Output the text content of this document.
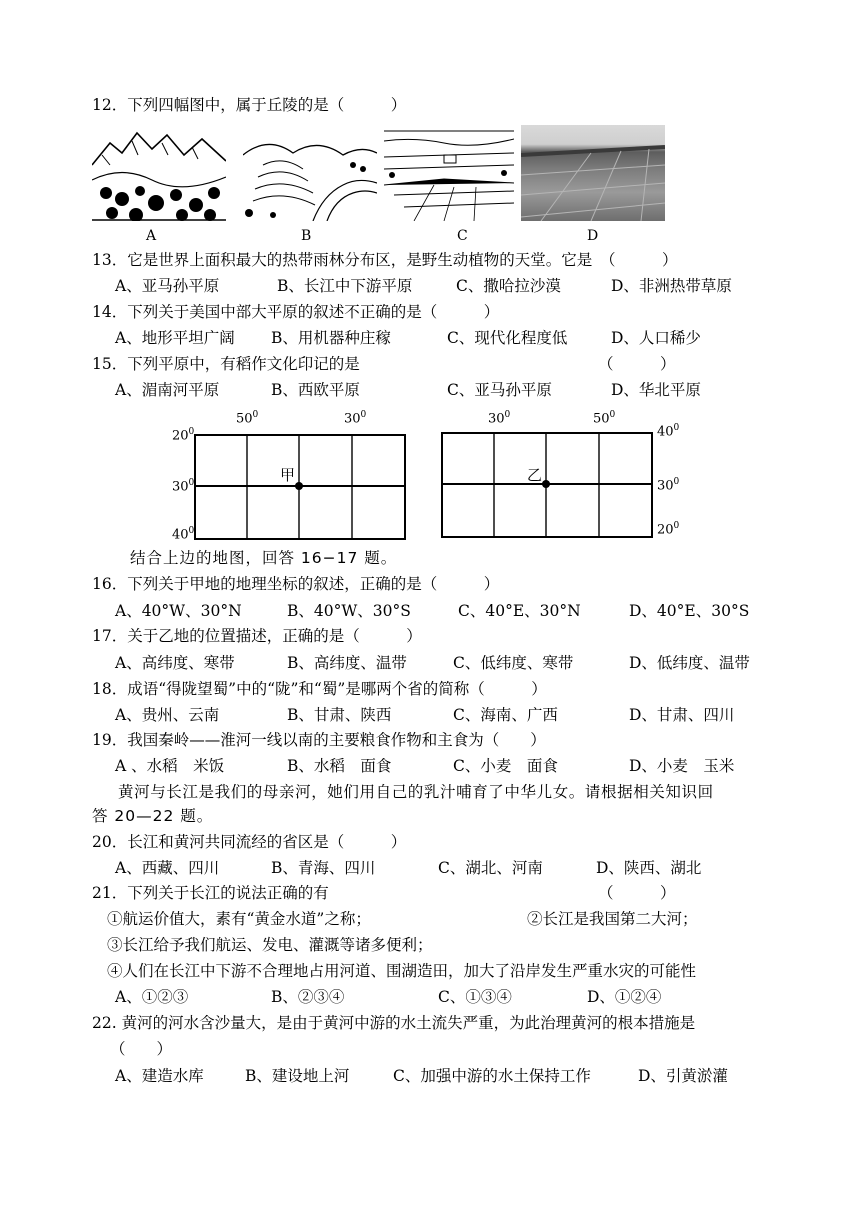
12．下列四幅图中，属于丘陵的是（　　　）
A	B	C	D
13．它是世界上面积最大的热带雨林分布区，是野生动植物的天堂。它是　（　　　）
A、亚马孙平原	B、长江中下游平原	C、撒哈拉沙漠	D、非洲热带草原
14．下列关于美国中部大平原的叙述不正确的是（　　　）
A、地形平坦广阔 B、用机器种庄稼	C、现代化程度低	D、人口稀少
15．下列平原中，有稻作文化印记的是	（　　　）
A、湄南河平原	B、西欧平原	C、亚马孙平原	D、华北平原
$50^0$	$30^0$
$20^0$
$30^0$
$40^0$
甲
$30^0$	$50^0$
$40^0$
$30^0$
$20^0$
乙
结合上边的地图，回答 16−17 题。
16．下列关于甲地的地理坐标的叙述，正确的是（　　　）
A、40°W、30°N	B、40°W、30°S	C、40°E、30°N	D、40°E、30°S
17．关于乙地的位置描述，正确的是（　　　）
A、高纬度、寒带	B、高纬度、温带	C、低纬度、寒带	D、低纬度、温带
18．成语“得陇望蜀”中的“陇”和“蜀”是哪两个省的简称（　　　）
A、贵州、云南	B、甘肃、陕西	C、海南、广西	D、甘肃、四川
19．我国秦岭——淮河一线以南的主要粮食作物和主食为（　　）
A 、水稻　米饭	B、水稻　面食	C、小麦　面食	D、小麦　玉米
黄河与长江是我们的母亲河，她们用自己的乳汁哺育了中华儿女。请根据相关知识回
答 20—22 题。
20．长江和黄河共同流经的省区是（　　　）
A、西藏、四川	B、青海、四川	C、湖北、河南	D、陕西、湖北
21．下列关于长江的说法正确的有	（　　　）
①航运价值大，素有“黄金水道”之称；	②长江是我国第二大河；
③长江给予我们航运、发电、灌溉等诸多便利；
④人们在长江中下游不合理地占用河道、围湖造田，加大了沿岸发生严重水灾的可能性
A、①②③	B、②③④	C、①③④	D、①②④
22. 黄河的河水含沙量大，是由于黄河中游的水土流失严重，为此治理黄河的根本措施是
（　　）
A、建造水库	B、建设地上河	C、加强中游的水土保持工作	D、引黄淤灌
